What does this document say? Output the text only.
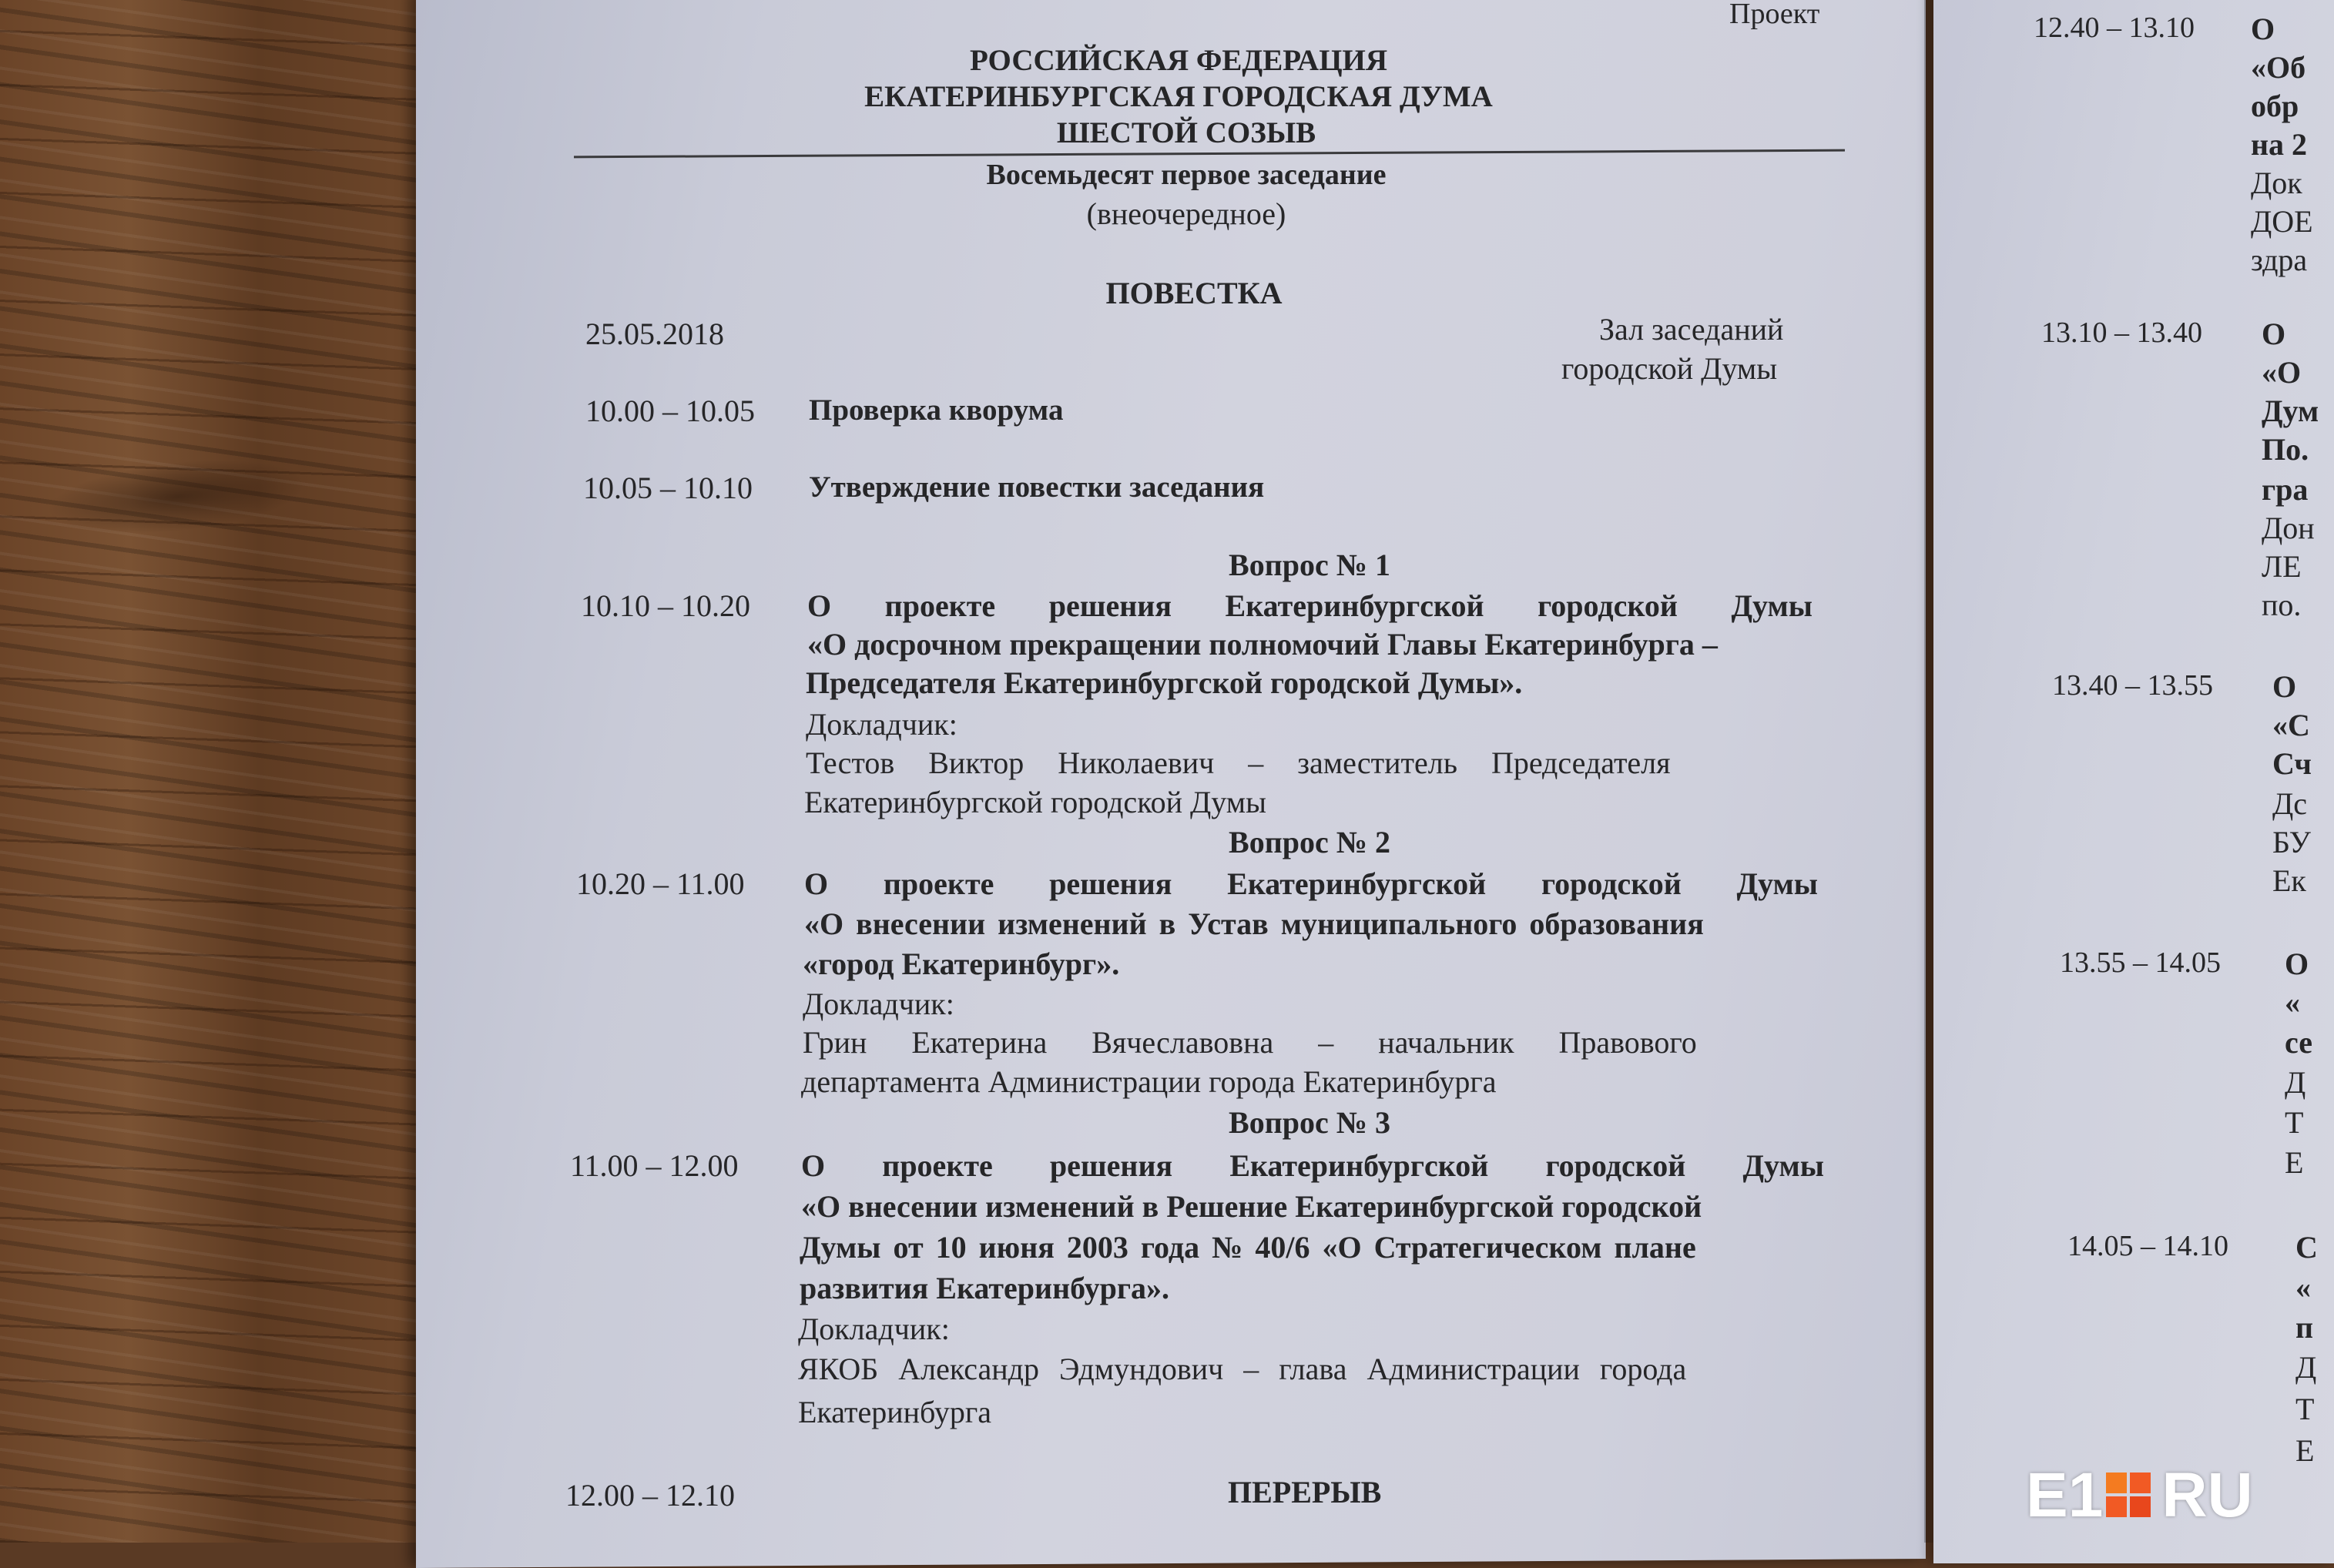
Проект
РОССИЙСКАЯ ФЕДЕРАЦИЯ
ЕКАТЕРИНБУРГСКАЯ ГОРОДСКАЯ ДУМА
ШЕСТОЙ СОЗЫВ
Восемьдесят первое заседание
(внеочередное)
ПОВЕСТКА
25.05.2018	Зал заседаний
городской Думы
10.00 – 10.05 Проверка кворума
10.05 – 10.10 Утверждение повестки заседания
Вопрос № 1
10.10 – 10.20 О проекте решения Екатеринбургской городской Думы
«О досрочном прекращении полномочий Главы Екатеринбурга –
Председателя Екатеринбургской городской Думы».
Докладчик:
Тестов Виктор Николаевич – заместитель Председателя
Екатеринбургской городской Думы
Вопрос № 2
10.20 – 11.00 О проекте решения Екатеринбургской городской Думы
«О внесении изменений в Устав муниципального образования
«город Екатеринбург».
Докладчик:
Грин Екатерина Вячеславовна – начальник Правового
департамента Администрации города Екатеринбурга
Вопрос № 3
11.00 – 12.00 О проекте решения Екатеринбургской городской Думы
«О внесении изменений в Решение Екатеринбургской городской
Думы от 10 июня 2003 года № 40/6 «О Стратегическом плане
развития Екатеринбурга».
Докладчик:
ЯКОБ Александр Эдмундович – глава Администрации города
Екатеринбурга
12.00 – 12.10	ПЕРЕРЫВ
12.40 – 13.10
13.10 – 13.40
13.40 – 13.55
13.55 – 14.05
14.05 – 14.10
О
«Об
обр
на 2
Док
ДОЕ
здра
О
«О
Дум
По.
гра
Дон
ЛЕ
по.
О
«С
Сч
Дс
БУ
Ек
О
«
се
Д
Т
Е
С
«
п
Д
Т
Е
E1 RU
